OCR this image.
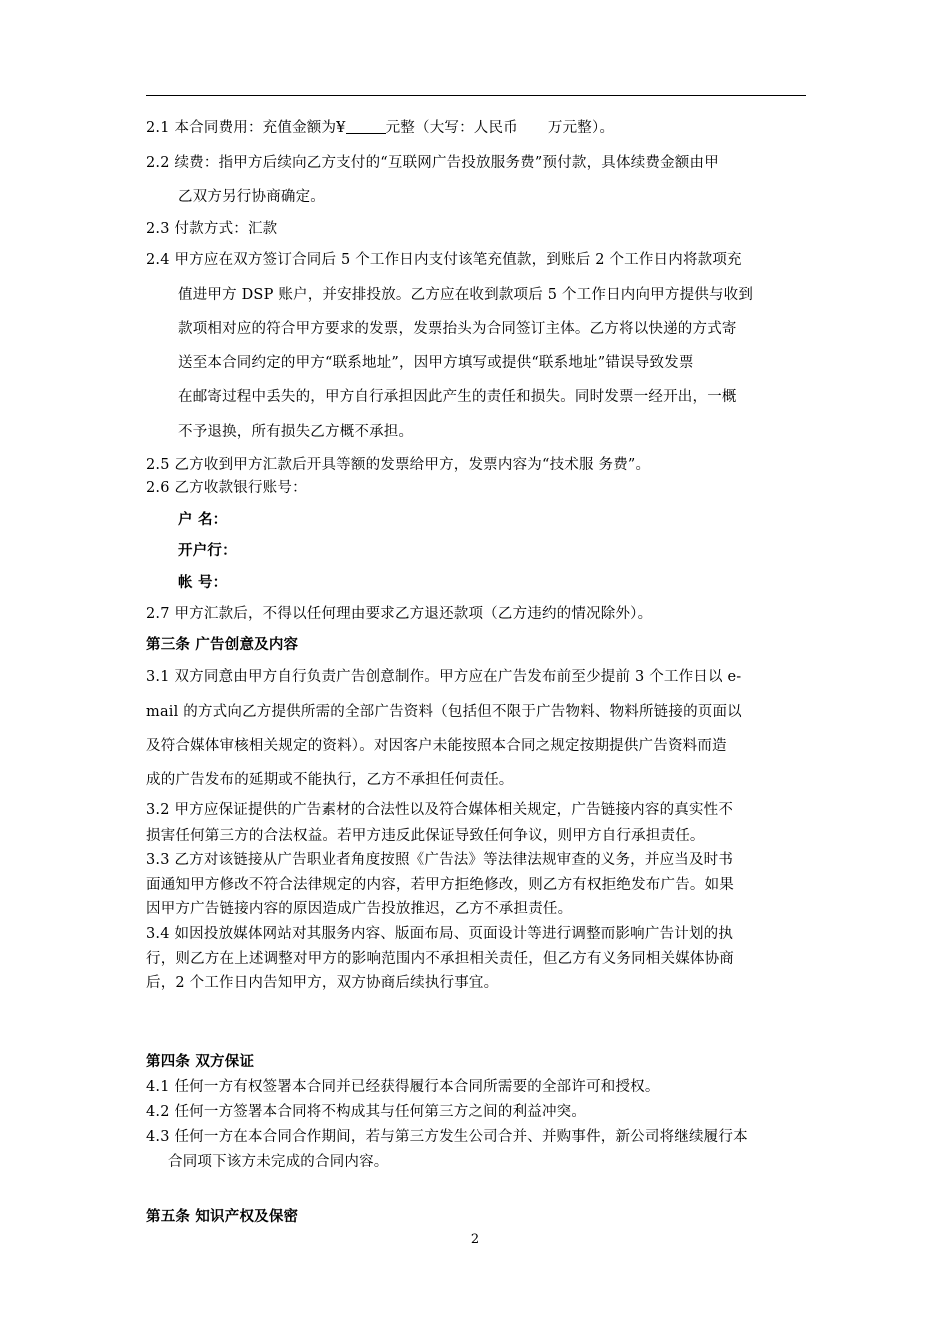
2.1 本合同费用：充值金额为¥	元整（大写：人民币 万元整）。
2.2 续费：指甲方后续向乙方支付的“互联网广告投放服务费”预付款，具体续费金额由甲
乙双方另行协商确定。
2.3 付款方式：汇款
2.4 甲方应在双方签订合同后 5 个工作日内支付该笔充值款，到账后 2 个工作日内将款项充
值进甲方 DSP 账户，并安排投放。乙方应在收到款项后 5 个工作日内向甲方提供与收到
款项相对应的符合甲方要求的发票，发票抬头为合同签订主体。乙方将以快递的方式寄
送至本合同约定的甲方“联系地址”，因甲方填写或提供“联系地址”错误导致发票
在邮寄过程中丢失的，甲方自行承担因此产生的责任和损失。同时发票一经开出，一概
不予退换，所有损失乙方概不承担。
2.5 乙方收到甲方汇款后开具等额的发票给甲方，发票内容为“技术服 务费”。
2.6 乙方收款银行账号：
户 名：
开户行：
帐 号：
2.7 甲方汇款后，不得以任何理由要求乙方退还款项（乙方违约的情况除外）。
第三条 广告创意及内容
3.1 双方同意由甲方自行负责广告创意制作。甲方应在广告发布前至少提前 3 个工作日以 e-
mail 的方式向乙方提供所需的全部广告资料（包括但不限于广告物料、物料所链接的页面以
及符合媒体审核相关规定的资料）。对因客户未能按照本合同之规定按期提供广告资料而造
成的广告发布的延期或不能执行，乙方不承担任何责任。
3.2 甲方应保证提供的广告素材的合法性以及符合媒体相关规定，广告链接内容的真实性不
损害任何第三方的合法权益。若甲方违反此保证导致任何争议，则甲方自行承担责任。
3.3 乙方对该链接从广告职业者角度按照《广告法》等法律法规审查的义务，并应当及时书
面通知甲方修改不符合法律规定的内容，若甲方拒绝修改，则乙方有权拒绝发布广告。如果
因甲方广告链接内容的原因造成广告投放推迟，乙方不承担责任。
3.4 如因投放媒体网站对其服务内容、版面布局、页面设计等进行调整而影响广告计划的执
行，则乙方在上述调整对甲方的影响范围内不承担相关责任，但乙方有义务同相关媒体协商
后，2 个工作日内告知甲方，双方协商后续执行事宜。
第四条 双方保证
4.1 任何一方有权签署本合同并已经获得履行本合同所需要的全部许可和授权。
4.2 任何一方签署本合同将不构成其与任何第三方之间的利益冲突。
4.3 任何一方在本合同合作期间，若与第三方发生公司合并、并购事件，新公司将继续履行本
合同项下该方未完成的合同内容。
第五条 知识产权及保密
2
